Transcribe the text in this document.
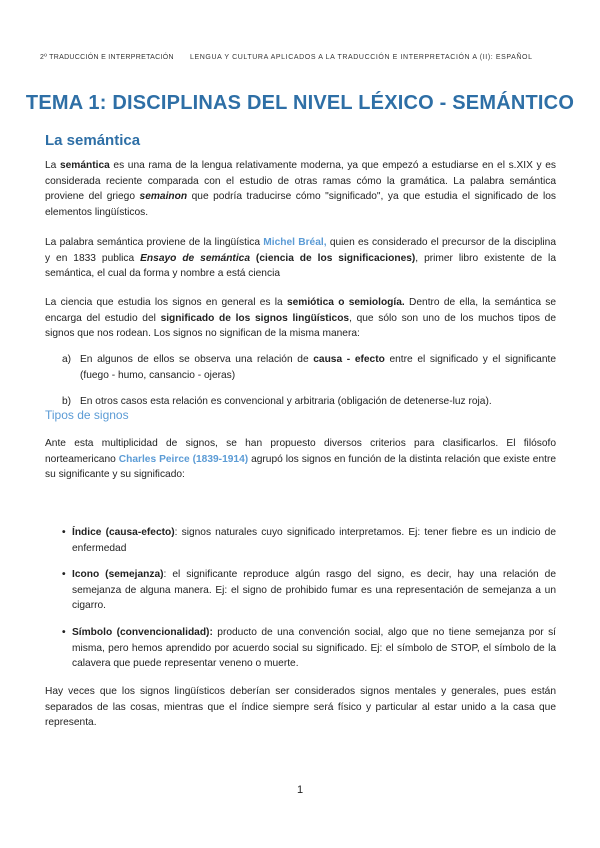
2º TRADUCCIÓN E INTERPRETACIÓN LENGUA Y CULTURA APLICADOS A LA TRADUCCIÓN E INTERPRETACIÓN A (II): ESPAÑOL
TEMA 1: DISCIPLINAS DEL NIVEL LÉXICO - SEMÁNTICO
La semántica
La semántica es una rama de la lengua relativamente moderna, ya que empezó a estudiarse en el s.XIX y es considerada reciente comparada con el estudio de otras ramas cómo la gramática. La palabra semántica proviene del griego semainon que podría traducirse cómo "significado", ya que estudia el significado de los elementos lingüísticos.
La palabra semántica proviene de la lingüística Michel Bréal, quien es considerado el precursor de la disciplina y en 1833 publica Ensayo de semántica (ciencia de los significaciones), primer libro existente de la semántica, el cual da forma y nombre a está ciencia
La ciencia que estudia los signos en general es la semiótica o semiología. Dentro de ella, la semántica se encarga del estudio del significado de los signos lingüísticos, que sólo son uno de los muchos tipos de signos que nos rodean. Los signos no significan de la misma manera:
a) En algunos de ellos se observa una relación de causa - efecto entre el significado y el significante (fuego - humo, cansancio - ojeras)
b) En otros casos esta relación es convencional y arbitraria (obligación de detenerse-luz roja).
Tipos de signos
Ante esta multiplicidad de signos, se han propuesto diversos criterios para clasificarlos. El filósofo norteamericano Charles Peirce (1839-1914) agrupó los signos en función de la distinta relación que existe entre su significante y su significado:
• Índice (causa-efecto): signos naturales cuyo significado interpretamos. Ej: tener fiebre es un indicio de enfermedad
• Icono (semejanza): el significante reproduce algún rasgo del signo, es decir, hay una relación de semejanza de alguna manera. Ej: el signo de prohibido fumar es una representación de semejanza a un cigarro.
• Símbolo (convencionalidad): producto de una convención social, algo que no tiene semejanza por sí misma, pero hemos aprendido por acuerdo social su significado. Ej: el símbolo de STOP, el símbolo de la calavera que puede representar veneno o muerte.
Hay veces que los signos lingüísticos deberían ser considerados signos mentales y generales, pues están separados de las cosas, mientras que el índice siempre será físico y particular al estar unido a la casa que representa.
1
